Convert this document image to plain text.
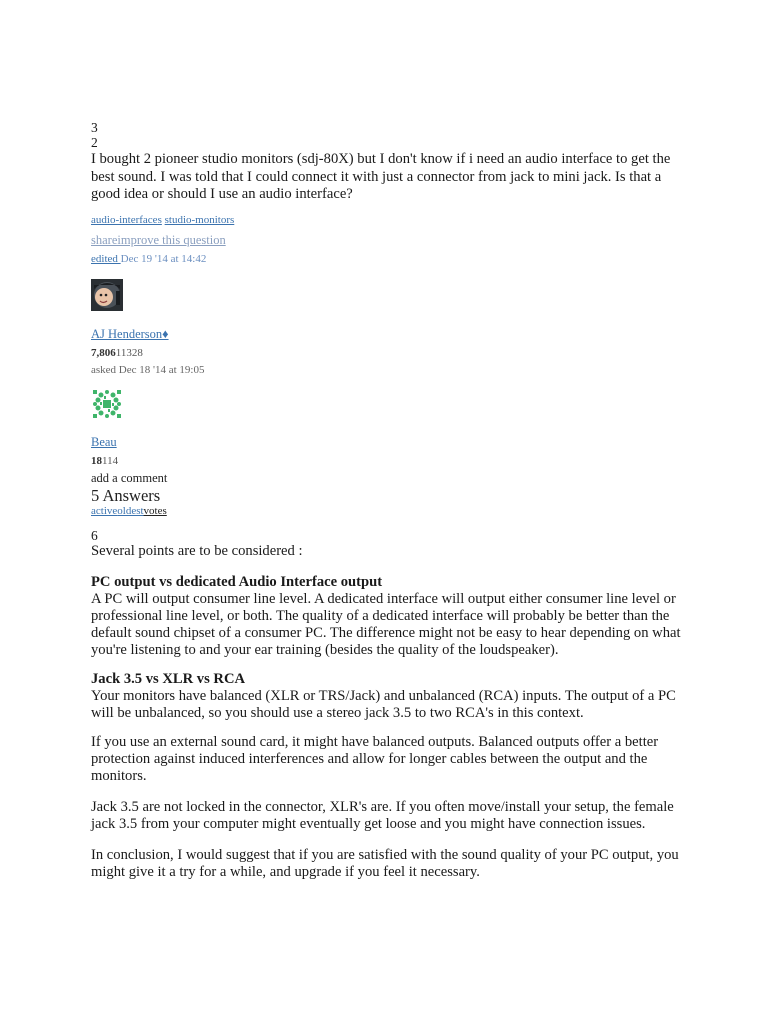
3
2
I bought 2 pioneer studio monitors (sdj-80X) but I don't know if i need an audio interface to get the best sound. I was told that I could connect it with just a connector from jack to mini jack. Is that a good idea or should I use an audio interface?
audio-interfaces studio-monitors
shareimprove this question
edited Dec 19 '14 at 14:42
AJ Henderson♦
7,80611328
asked Dec 18 '14 at 19:05
Beau
18114
add a comment
5 Answers
activeoldestvotes
6

Several points are to be considered :

PC output vs dedicated Audio Interface output

A PC will output consumer line level. A dedicated interface will output either consumer line level or professional line level, or both. The quality of a dedicated interface will probably be better than the default sound chipset of a consumer PC. The difference might not be easy to hear depending on what you're listening to and your ear training (besides the quality of the loudspeaker).

Jack 3.5 vs XLR vs RCA

Your monitors have balanced (XLR or TRS/Jack) and unbalanced (RCA) inputs. The output of a PC will be unbalanced, so you should use a stereo jack 3.5 to two RCA's in this context.

If you use an external sound card, it might have balanced outputs. Balanced outputs offer a better protection against induced interferences and allow for longer cables between the output and the monitors.

Jack 3.5 are not locked in the connector, XLR's are. If you often move/install your setup, the female jack 3.5 from your computer might eventually get loose and you might have connection issues.

In conclusion, I would suggest that if you are satisfied with the sound quality of your PC output, you might give it a try for a while, and upgrade if you feel it necessary.
